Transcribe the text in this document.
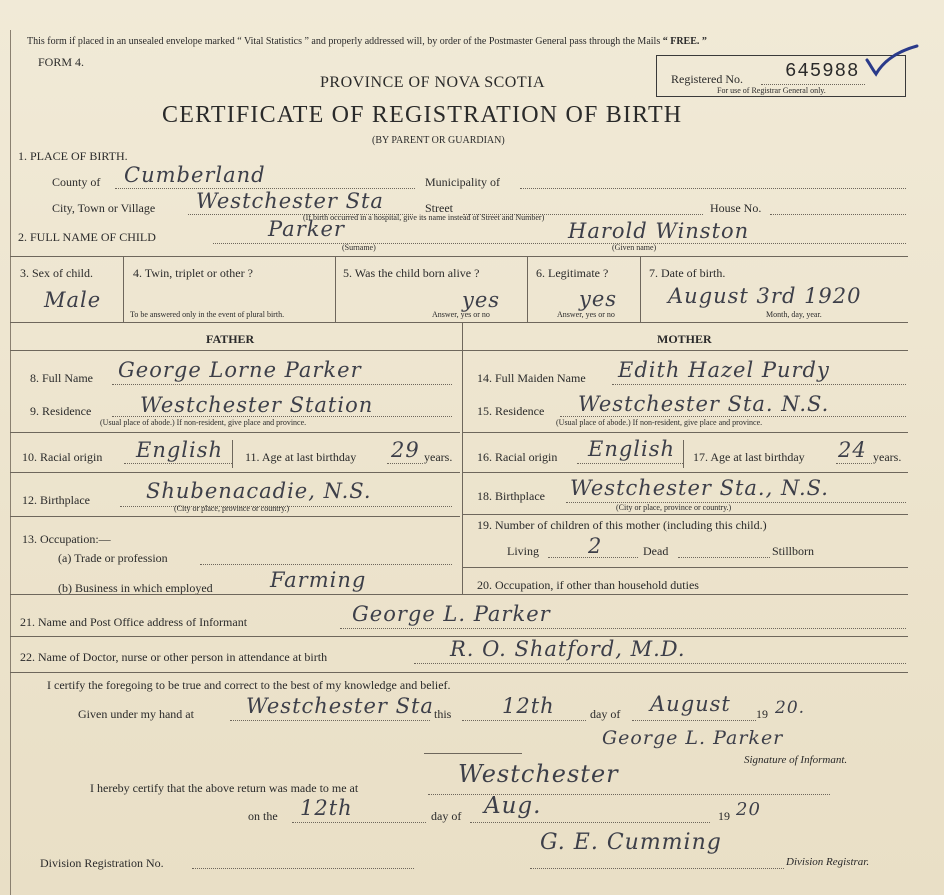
This form if placed in an unsealed envelope marked “ Vital Statistics ” and properly addressed will, by order of the Postmaster General pass through the Mails “ FREE. ”
FORM 4.
PROVINCE OF NOVA SCOTIA
CERTIFICATE OF REGISTRATION OF BIRTH
(BY PARENT OR GUARDIAN)
Registered No. 645988
For use of Registrar General only.
1. PLACE OF BIRTH.
County of Cumberland	Municipality of
City, Town or Village Westchester Sta	Street	House No.
(If birth occurred in a hospital, give its name instead of Street and Number)
2. FULL NAME OF CHILD	Parker
(Surname)
Harold Winston
(Given name)
3. Sex of child.
Male
4. Twin, triplet or other ?
To be answered only in the event of plural birth.
5. Was the child born alive ?
yes
Answer, yes or no
6. Legitimate ?
yes
Answer, yes or no
7. Date of birth.
August 3rd 1920
Month, day, year.
FATHER	MOTHER
8. Full Name George Lorne Parker
9. Residence Westchester Station
(Usual place of abode.) If non-resident, give place and province.
10. Racial origin English 11. Age at last birthday 29 years.
12. Birthplace	Shubenacadie, N.S.
(City or place, province or country.)
13. Occupation:—
(a) Trade or profession
(b) Business in which employed	Farming
14. Full Maiden Name Edith Hazel Purdy
15. Residence Westchester Sta. N.S.
(Usual place of abode.) If non-resident, give place and province.
16. Racial origin English 17. Age at last birthday 24 years.
18. Birthplace Westchester Sta., N.S.
(City or place, province or country.)
19. Number of children of this mother (including this child.)
Living 2	Dead	Stillborn
20. Occupation, if other than household duties
21. Name and Post Office address of Informant	George L. Parker
22. Name of Doctor, nurse or other person in attendance at birth	R. O. Shatford, M.D.
I certify the foregoing to be true and correct to the best of my knowledge and belief.
Given under my hand at Westchester Sta this 12th	day of August 19 20.
George L. Parker
Signature of Informant.
I hereby certify that the above return was made to me at	Westchester
on the 12th	day of Aug.	19 20
Division Registration No.
G. E. Cumming
Division Registrar.
